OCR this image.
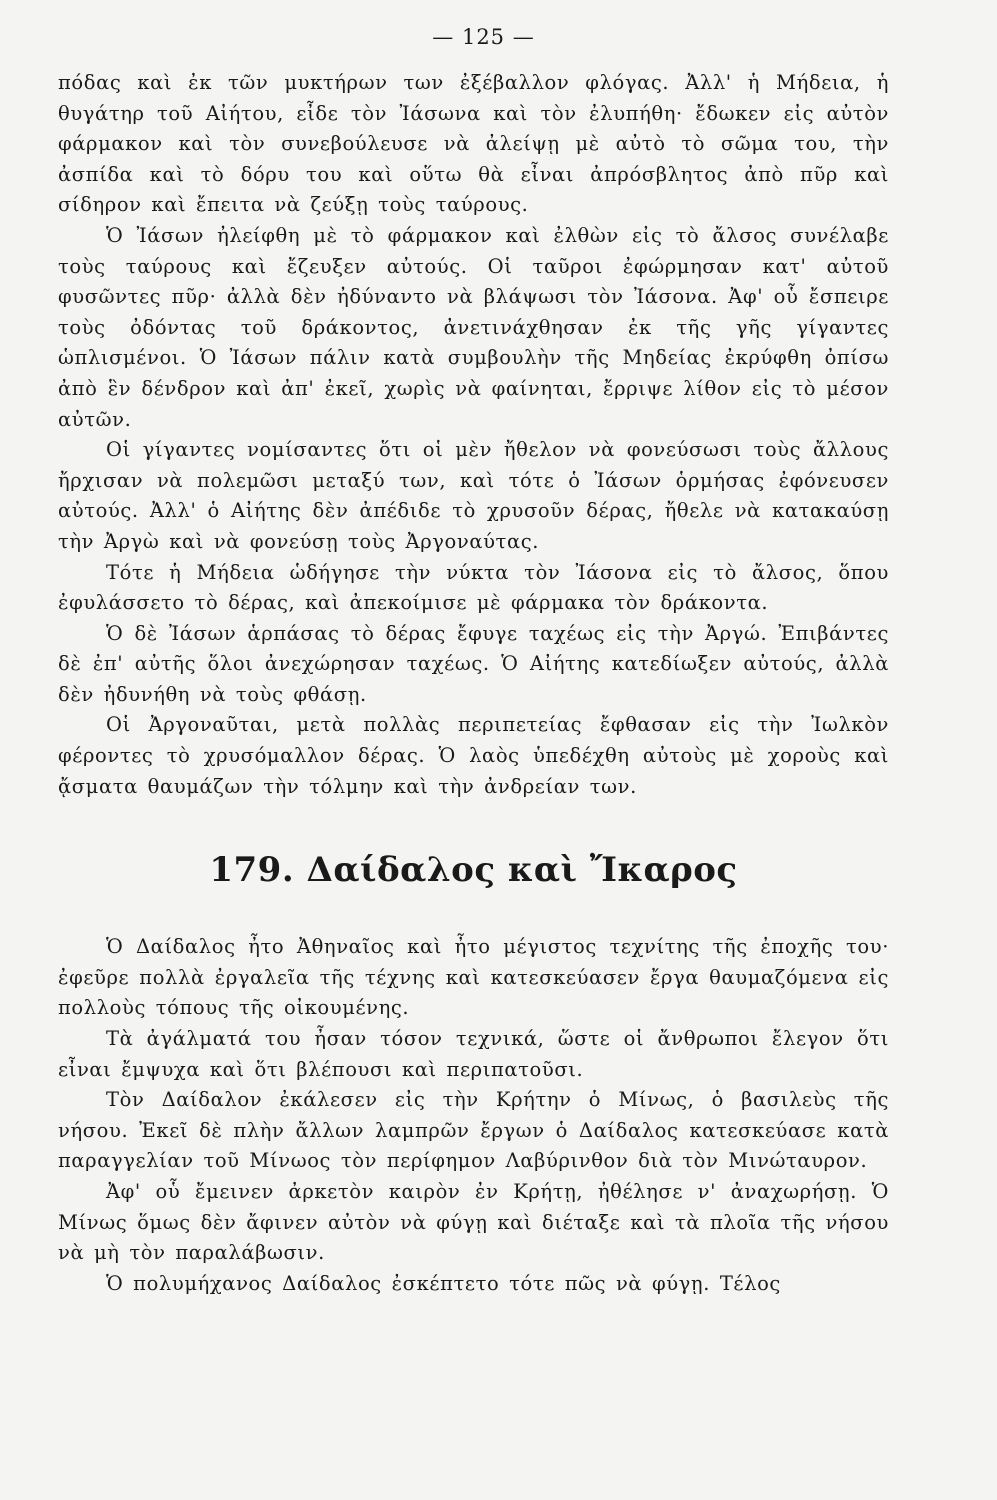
— 125 —

πόδας καὶ ἐκ τῶν μυκτήρων των ἐξέβαλλον φλόγας. Ἀλλ' ἡ Μήδεια, ἡ θυγάτηρ τοῦ Αἰήτου, εἶδε τὸν Ἰάσωνα καὶ τὸν ἐλυπήθη· ἔδωκεν εἰς αὐτὸν φάρμακον καὶ τὸν συνεβούλευσε νὰ ἀλείψῃ μὲ αὐτὸ τὸ σῶμα του, τὴν ἀσπίδα καὶ τὸ δόρυ του καὶ οὕτω θὰ εἶναι ἀπρόσβλητος ἀπὸ πῦρ καὶ σίδηρον καὶ ἔπειτα νὰ ζεύξῃ τοὺς ταύρους.

Ὁ Ἰάσων ἠλείφθη μὲ τὸ φάρμακον καὶ ἐλθὼν εἰς τὸ ἄλσος συνέλαβε τοὺς ταύρους καὶ ἔζευξεν αὐτούς. Οἱ ταῦροι ἐφώρμησαν κατ' αὐτοῦ φυσῶντες πῦρ· ἀλλὰ δὲν ἠδύναντο νὰ βλάψωσι τὸν Ἰάσονα. Ἀφ' οὗ ἔσπειρε τοὺς ὀδόντας τοῦ δράκοντος, ἀνετινάχθησαν ἐκ τῆς γῆς γίγαντες ὡπλισμένοι. Ὁ Ἰάσων πάλιν κατὰ συμβουλὴν τῆς Μηδείας ἐκρύφθη ὀπίσω ἀπὸ ἓν δένδρον καὶ ἀπ' ἐκεῖ, χωρὶς νὰ φαίνηται, ἔρριψε λίθον εἰς τὸ μέσον αὐτῶν.

Οἱ γίγαντες νομίσαντες ὅτι οἱ μὲν ἤθελον νὰ φονεύσωσι τοὺς ἄλλους ἤρχισαν νὰ πολεμῶσι μεταξύ των, καὶ τότε ὁ Ἰάσων ὁρμήσας ἐφόνευσεν αὐτούς. Ἀλλ' ὁ Αἰήτης δὲν ἀπέδιδε τὸ χρυσοῦν δέρας, ἤθελε νὰ κατακαύσῃ τὴν Ἀργὼ καὶ νὰ φονεύσῃ τοὺς Ἀργοναύτας.

Τότε ἡ Μήδεια ὡδήγησε τὴν νύκτα τὸν Ἰάσονα εἰς τὸ ἄλσος, ὅπου ἐφυλάσσετο τὸ δέρας, καὶ ἀπεκοίμισε μὲ φάρμακα τὸν δράκοντα.

Ὁ δὲ Ἰάσων ἁρπάσας τὸ δέρας ἔφυγε ταχέως εἰς τὴν Ἀργώ. Ἐπιβάντες δὲ ἐπ' αὐτῆς ὅλοι ἀνεχώρησαν ταχέως. Ὁ Αἰήτης κατεδίωξεν αὐτούς, ἀλλὰ δὲν ἠδυνήθη νὰ τοὺς φθάσῃ.

Οἱ Ἀργοναῦται, μετὰ πολλὰς περιπετείας ἔφθασαν εἰς τὴν Ἰωλκὸν φέροντες τὸ χρυσόμαλλον δέρας. Ὁ λαὸς ὑπεδέχθη αὐτοὺς μὲ χοροὺς καὶ ᾄσματα θαυμάζων τὴν τόλμην καὶ τὴν ἀνδρείαν των.

179. Δαίδαλος καὶ Ἴκαρος

Ὁ Δαίδαλος ἦτο Ἀθηναῖος καὶ ἦτο μέγιστος τεχνίτης τῆς ἐποχῆς του· ἐφεῦρε πολλὰ ἐργαλεῖα τῆς τέχνης καὶ κατεσκεύασεν ἔργα θαυμαζόμενα εἰς πολλοὺς τόπους τῆς οἰκουμένης.

Τὰ ἀγάλματά του ἦσαν τόσον τεχνικά, ὥστε οἱ ἄνθρωποι ἔλεγον ὅτι εἶναι ἔμψυχα καὶ ὅτι βλέπουσι καὶ περιπατοῦσι.

Τὸν Δαίδαλον ἐκάλεσεν εἰς τὴν Κρήτην ὁ Μίνως, ὁ βασιλεὺς τῆς νήσου. Ἐκεῖ δὲ πλὴν ἄλλων λαμπρῶν ἔργων ὁ Δαίδαλος κατεσκεύασε κατὰ παραγγελίαν τοῦ Μίνωος τὸν περίφημον Λαβύρινθον διὰ τὸν Μινώταυρον.

Ἀφ' οὗ ἔμεινεν ἀρκετὸν καιρὸν ἐν Κρήτῃ, ἠθέλησε ν' ἀναχωρήσῃ. Ὁ Μίνως ὅμως δὲν ἄφινεν αὐτὸν νὰ φύγῃ καὶ διέταξε καὶ τὰ πλοῖα τῆς νήσου νὰ μὴ τὸν παραλάβωσιν.

Ὁ πολυμήχανος Δαίδαλος ἐσκέπτετο τότε πῶς νὰ φύγῃ. Τέλος
